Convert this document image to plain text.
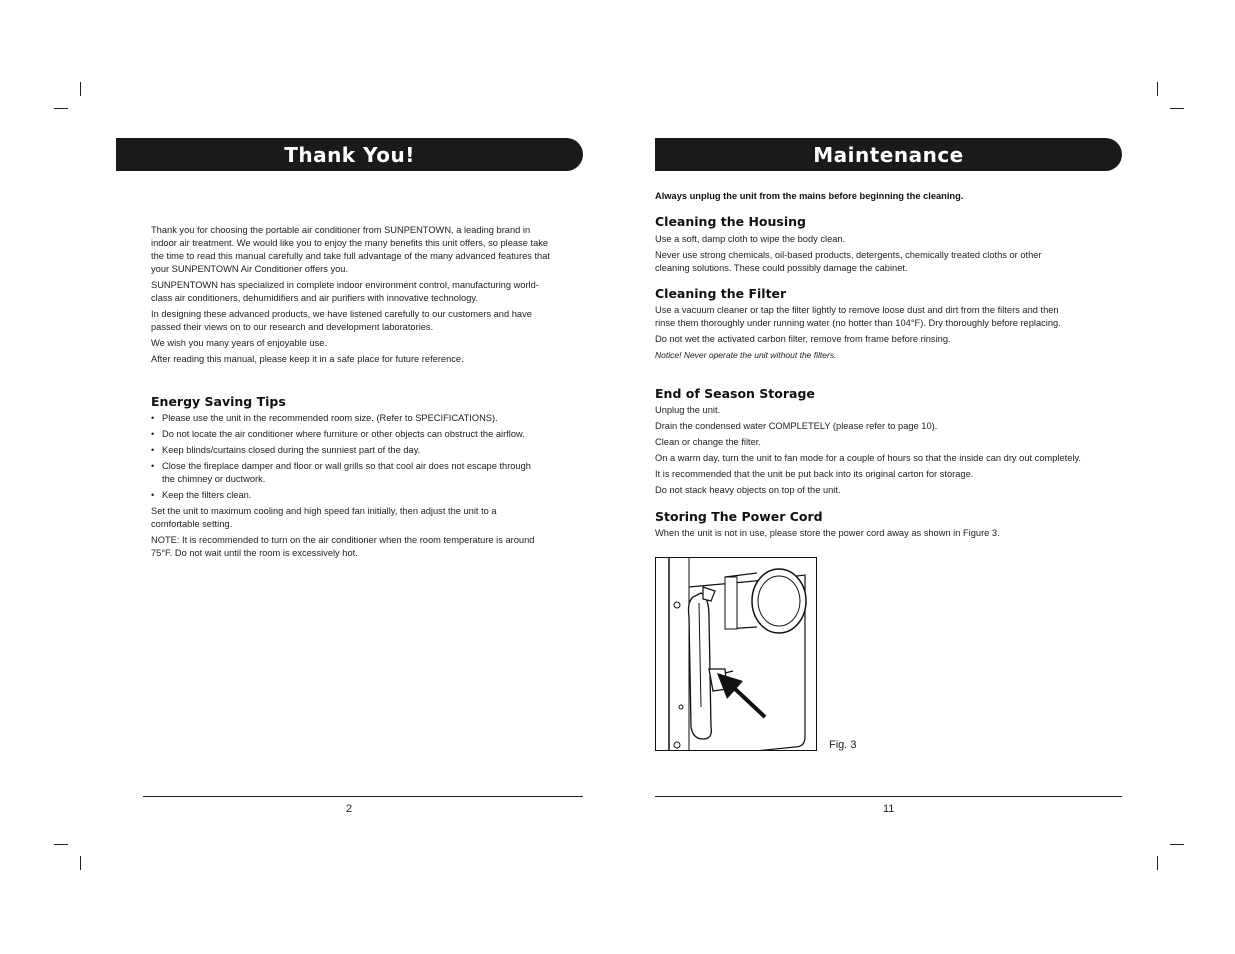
Thank You!

Thank you for choosing the portable air conditioner from SUNPENTOWN, a leading brand in indoor air treatment. We would like you to enjoy the many benefits this unit offers, so please take the time to read this manual carefully and take full advantage of the many advanced features that your SUNPENTOWN Air Conditioner offers you.

SUNPENTOWN has specialized in complete indoor environment control, manufacturing world-class air conditioners, dehumidifiers and air purifiers with innovative technology.

In designing these advanced products, we have listened carefully to our customers and have passed their views on to our research and development laboratories.

We wish you many years of enjoyable use.

After reading this manual, please keep it in a safe place for future reference.

Energy Saving Tips
• Please use the unit in the recommended room size. (Refer to SPECIFICATIONS).
• Do not locate the air conditioner where furniture or other objects can obstruct the airflow.
• Keep blinds/curtains closed during the sunniest part of the day.
• Close the fireplace damper and floor or wall grills so that cool air does not escape through the chimney or ductwork.
• Keep the filters clean.

Set the unit to maximum cooling and high speed fan initially, then adjust the unit to a comfortable setting.

NOTE: It is recommended to turn on the air conditioner when the room temperature is around 75°F. Do not wait until the room is excessively hot.

2
Maintenance
Always unplug the unit from the mains before beginning the cleaning.
Cleaning the Housing

Use a soft, damp cloth to wipe the body clean.

Never use strong chemicals, oil-based products, detergents, chemically treated cloths or other cleaning solutions. These could possibly damage the cabinet.

Cleaning the Filter

Use a vacuum cleaner or tap the filter lightly to remove loose dust and dirt from the filters and then rinse them thoroughly under running water (no hotter than 104°F). Dry thoroughly before replacing.

Do not wet the activated carbon filter, remove from frame before rinsing.

Notice! Never operate the unit without the filters.

End of Season Storage

Unplug the unit.

Drain the condensed water COMPLETELY (please refer to page 10).

Clean or change the filter.

On a warm day, turn the unit to fan mode for a couple of hours so that the inside can dry out completely.

It is recommended that the unit be put back into its original carton for storage.

Do not stack heavy objects on top of the unit.

Storing The Power Cord

When the unit is not in use, please store the power cord away as shown in Figure 3.

Fig. 3
11
